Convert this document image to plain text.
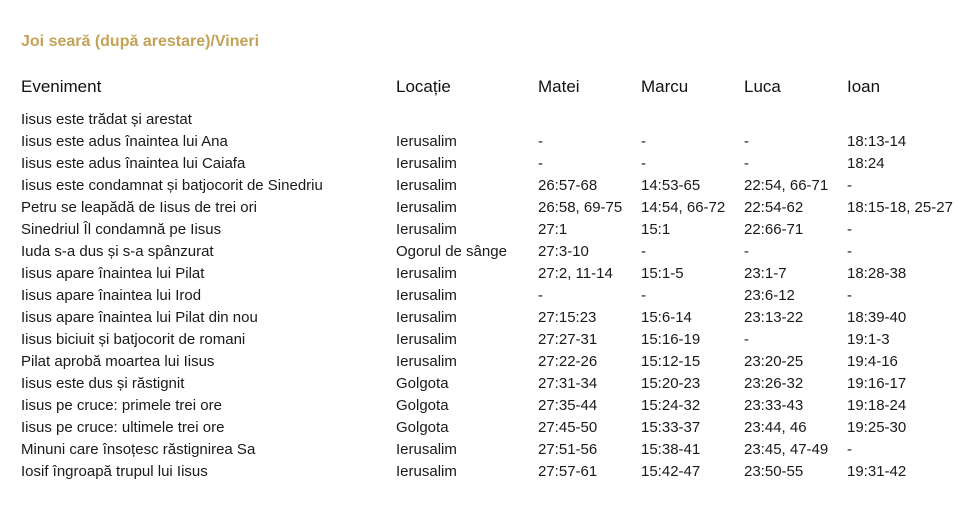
Joi seară (după arestare)/Vineri
Eveniment	Locație	Matei	Marcu	Luca	Ioan
Iisus este trădat și arestat
Iisus este adus înaintea lui Ana	Ierusalim	-	-	-	18:13-14
Iisus este adus înaintea lui Caiafa	Ierusalim	-	-	-	18:24
Iisus este condamnat și batjocorit de Sinedriu	Ierusalim	26:57-68	14:53-65	22:54, 66-71	-
Petru se leapădă de Iisus de trei ori	Ierusalim	26:58, 69-75	14:54, 66-72	22:54-62	18:15-18, 25-27
Sinedriul Îl condamnă pe Iisus	Ierusalim	27:1	15:1	22:66-71	-
Iuda s-a dus și s-a spânzurat	Ogorul de sânge	27:3-10	-	-	-
Iisus apare înaintea lui Pilat	Ierusalim	27:2, 11-14	15:1-5	23:1-7	18:28-38
Iisus apare înaintea lui Irod	Ierusalim	-	-	23:6-12	-
Iisus apare înaintea lui Pilat din nou	Ierusalim	27:15:23	15:6-14	23:13-22	18:39-40
Iisus biciuit și batjocorit de romani	Ierusalim	27:27-31	15:16-19	-	19:1-3
Pilat aprobă moartea lui Iisus	Ierusalim	27:22-26	15:12-15	23:20-25	19:4-16
Iisus este dus și răstignit	Golgota	27:31-34	15:20-23	23:26-32	19:16-17
Iisus pe cruce: primele trei ore	Golgota	27:35-44	15:24-32	23:33-43	19:18-24
Iisus pe cruce: ultimele trei ore	Golgota	27:45-50	15:33-37	23:44, 46	19:25-30
Minuni care însoțesc răstignirea Sa	Ierusalim	27:51-56	15:38-41	23:45, 47-49	-
Iosif îngroapă trupul lui Iisus	Ierusalim	27:57-61	15:42-47	23:50-55	19:31-42
